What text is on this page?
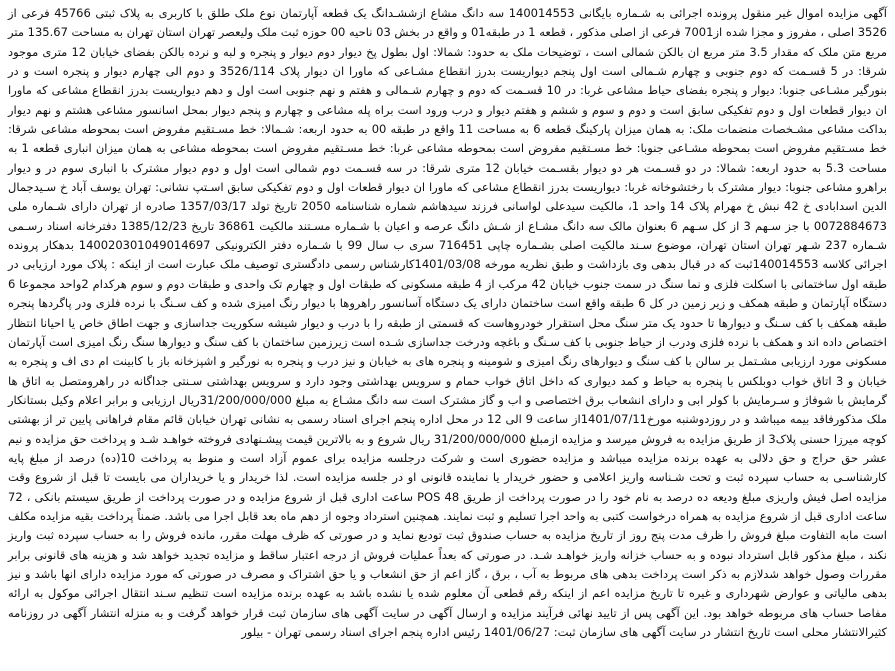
آگهی مزایده اموال غیر منقول پرونده اجرائی به شـماره بایگانی 140014553 سه دانگ مشاع ازششـدانگ یک قطعه آپارتمان نوع ملک طلق با کاربری به پلاک ثبتی 45766 فرعی از 3526 اصلی ، مفروز و مجزا شده از7001 فرعی از اصلی مذکور ، قطعه 1 در طبقه01 و واقع در بخش 03 ناحیه 00 حوزه ثبت ملک ولیعصر تهران استان تهران به مساحت 135.67 متر مربع متن ملک که مقدار 3.5 متر مربع ان بالکن شمالی است ، توضیحات ملک به حدود: شمالا: اول بطول پخ دیوار دوم دیوار و پنجره و لبه و نرده بالکن بفضای خیابان 12 متری موجود شرقا: در 5 قسـمت که دوم جنوبی و چهارم شـمالی است اول پنجم دیواریست بدرز انقطاع مشـاعی که ماورا ان دیوار پلاک 3526/114 و دوم الی چهارم دیوار و پنجره است و در بنورگیر مشـاعی جنوبا: دیوار و پنجره بفضای حیاط مشاعی غربا: در 10 قسـمت که دوم و چهارم شـمالی و هفتم و نهم جنوبی است اول و دهم دیواریست بدرز انقطاع مشاعی که ماورا ان دیوار قطعات اول و دوم تفکیکی سابق است و دوم و سوم و ششم و هفتم دیوار و درب ورود است براه پله مشاعی و چهارم و پنجم دیوار بمحل اسانسور مشاعی هشتم و نهم دیوار بداکت مشاعی مشـخصات منضمات ملک: به همان میزان پارکینگ قطعه 6 به مساحت 11 واقع در طبقه 00 به حدود اربعه: شـمالا: خط مسـتقیم مفروض است بمحوطه مشاعی شرقا: خط مسـتقیم مفروض است بمحوطه مشـاعی جنوبا: خط مسـتقیم مفروض است بمحوطه مشاعی غربا: خط مسـتقیم مفروض است بمحوطه مشاعی به همان میزان انباری قطعه 1 به مساحت 5.3 به حدود اربعه: شمالا: در دو قسـمت هر دو دیوار بقسـمت خیابان 12 متری شرقا: در سه قسـمت دوم شمالی است اول و دوم دیوار مشترک با انباری سوم در و دیوار براهرو مشاعی جنوبا: دیوار مشترک با رختشوخانه غربا: دیواریست بدرز انقطاع مشاعی که ماورا ان دیوار قطعات اول و دوم تفکیکی سابق اسـتپ نشانی: تهران یوسف آباد خ سـیدجمال الدین اسدابادی خ 42 نبش خ مهرام پلاک 14 واحد 1، مالکیت سیدعلی لواسانی فرزند سیدهاشم شماره شناسنامه 2050 تاریخ تولد 1357/03/17 صادره از تهران دارای شـماره ملی 0072884673 با جز سـهم 3 از کل سـهم 6 بعنوان مالک سه دانگ مشـاع از شـش دانگ عرصه و اعیان با شـماره مسـتند مالکیت 36861 تاریخ 1385/12/23 دفترخانه اسناد رسـمی شـماره 237 شـهر تهران استان تهران، موضوع سـند مالکیت اصلی بشـماره چاپی 716451 سری ب سال 99 با شـماره دفتر الکترونیکی 140020301049014697 بدهکار پرونده اجرائی کلاسه 140014553ثبت که در قبال بدهی وی بازداشت و طبق نظریه مورخه 1401/03/08کارشناس رسمی دادگستری توصیف ملک عبارت است از اینکه : پلاک مورد ارزیابی در طبقه اول ساختمانی با اسکلت فلزی و نما سنگ در سمت جنوب خیابان 42 مرکب از 4 طبقه مسکونی که طبقات اول و چهارم تک واحدی و طبقات دوم و سوم هرکدام 2واحد مجموعا 6 دستگاه آپارتمان و طبقه همکف و زیر زمین در کل 6 طبقه واقع است ساختمان دارای یک دستگاه آسانسور راهروها با دیوار رنگ امیزی شده و کف سـنگ با نرده فلزی ودر پاگردها پنجره طبقه همکف با کف سـنگ و دیوارها تا حدود یک متر سنگ محل استقرار خودروهاست که قسمتی از طبقه را با درب و دیوار شیشه سکوریت جداسازی و جهت اطاق خاص یا احیانا انتظار اختصاص داده اند و همکف با نرده فلزی ودرب از حیاط جنوبی با کف سـنگ و باغچه ودرخت جداسازی شـده است زیرزمین ساختمان با کف سنگ و دیوارها سنگ رنگ امیزی است آپارتمان مسکونی مورد ارزیابی مشـتمل بر سالن با کف سنگ و دیوارهای رنگ امیزی و شومینه و پنجره های به خیابان و نیز درب و پنجره به نورگیر و اشپزخانه باز با کابینت ام دی اف و پنجره به خیابان و 3 اتاق خواب دوبلکس با پنجره به حیاط و کمد دیواری که داخل اتاق خواب حمام و سرویس بهداشتی وجود دارد و سرویس بهداشتی سـنتی جداگانه در راهرومتصل به اتاق ها گرمایش با شوفاژ و سـرمایش با کولر ابی و دارای انشعاب برق اختصاصی و اب و گاز مشترک است سه دانگ مشـاع به مبلغ 31/200/000/000ریال ارزیابی و برابر اعلام وکیل بستانکار ملک مذکورفاقد بیمه میباشد و در روزدوشنبه مورخ1401/07/11از ساعت 9 الی 12 در محل اداره پنجم اجرای اسناد رسمی به نشانی تهران خیابان قائم مقام فراهانی پایین تر از بهشتی کوچه میرزا حسنی پلاک3 از طریق مزایده به فروش میرسد و مزایده ازمبلغ 31/200/000/000 ریال شروع و به بالاترین قیمت پیشـنهادی فروخته خواهـد شـد و پرداخت حق مزایده و نیم عشر حق حراج و حق دلالی به عهده برنده مزایده میباشد و مزایده حضوری است و شرکت درجلسه مزایده برای عموم آزاد است و منوط به پرداخت 10(ده) درصد از مبلغ پایه کارشناسـی به حساب سپرده ثبت و تحت شـناسه واریز اعلامی و حضور خریدار یا نماینده قانونی او در جلسه مزایده است. لذا خریدار و یا خریداران می بایست تا قبل از شروع وقت مزایده اصل فیش واریزی مبلغ ودیعه ده درصد به نام خود را در صورت پرداخت از طریق POS 48 ساعت اداری قبل از شروع مزایده و در صورت پرداخت از طریق سیستم بانکی ، 72 ساعت اداری قبل از شروع مزایده به همراه درخواست کتبی به واحد اجرا تسلیم و ثبت نمایند. همچنین استرداد وجوه از دهم ماه بعد قابل اجرا می باشد. ضمناً پرداخت بقیه مزایده مکلف است مابه التفاوت مبلغ فروش را ظرف مدت پنج روز از تاریخ مزایده به حساب صندوق ثبت تودیع نماید و در صورتی که ظرف مهلت مقرر، مانده فروش را به حساب سپرده ثبت واریز نکند ، مبلغ مذکور قابل استرداد نبوده و به حساب خزانه واریز خواهـد شـد. در صورتی که بعداً عملیات فروش از درجه اعتبار ساقط و مزایده تجدید خواهد شد و هزینه های قانونی برابر مقررات وصول خواهد شدلازم به ذکر است پرداخت بدهی های مربوط به آب ، برق ، گاز اعم از حق انشعاب و یا حق اشتراک و مصرف در صورتی که مورد مزایده دارای انها باشد و نیز بدهی مالیاتی و عوارض شهرداری و غیره تا تاریخ مزایده اعم از اینکه رقم قطعی آن معلوم شده یا نشده باشد به عهده برنده مزایده است تنظیم سـند انتقال اجرائی موکول به ارائه مفاصا حساب های مربوطه خواهد بود. این آگهی پس از تایید نهائی فرآیند مزایده و ارسال آگهی در سایت آگهی های سازمان ثبت قرار خواهد گرفت و به منزله انتشار آگهی در روزنامه کثیرالانتشار محلی است تاریخ انتشار در سایت آگهی های سازمان ثبت: 1401/06/27 رئیس اداره پنجم اجرای اسناد رسمی تهران - بیلور
